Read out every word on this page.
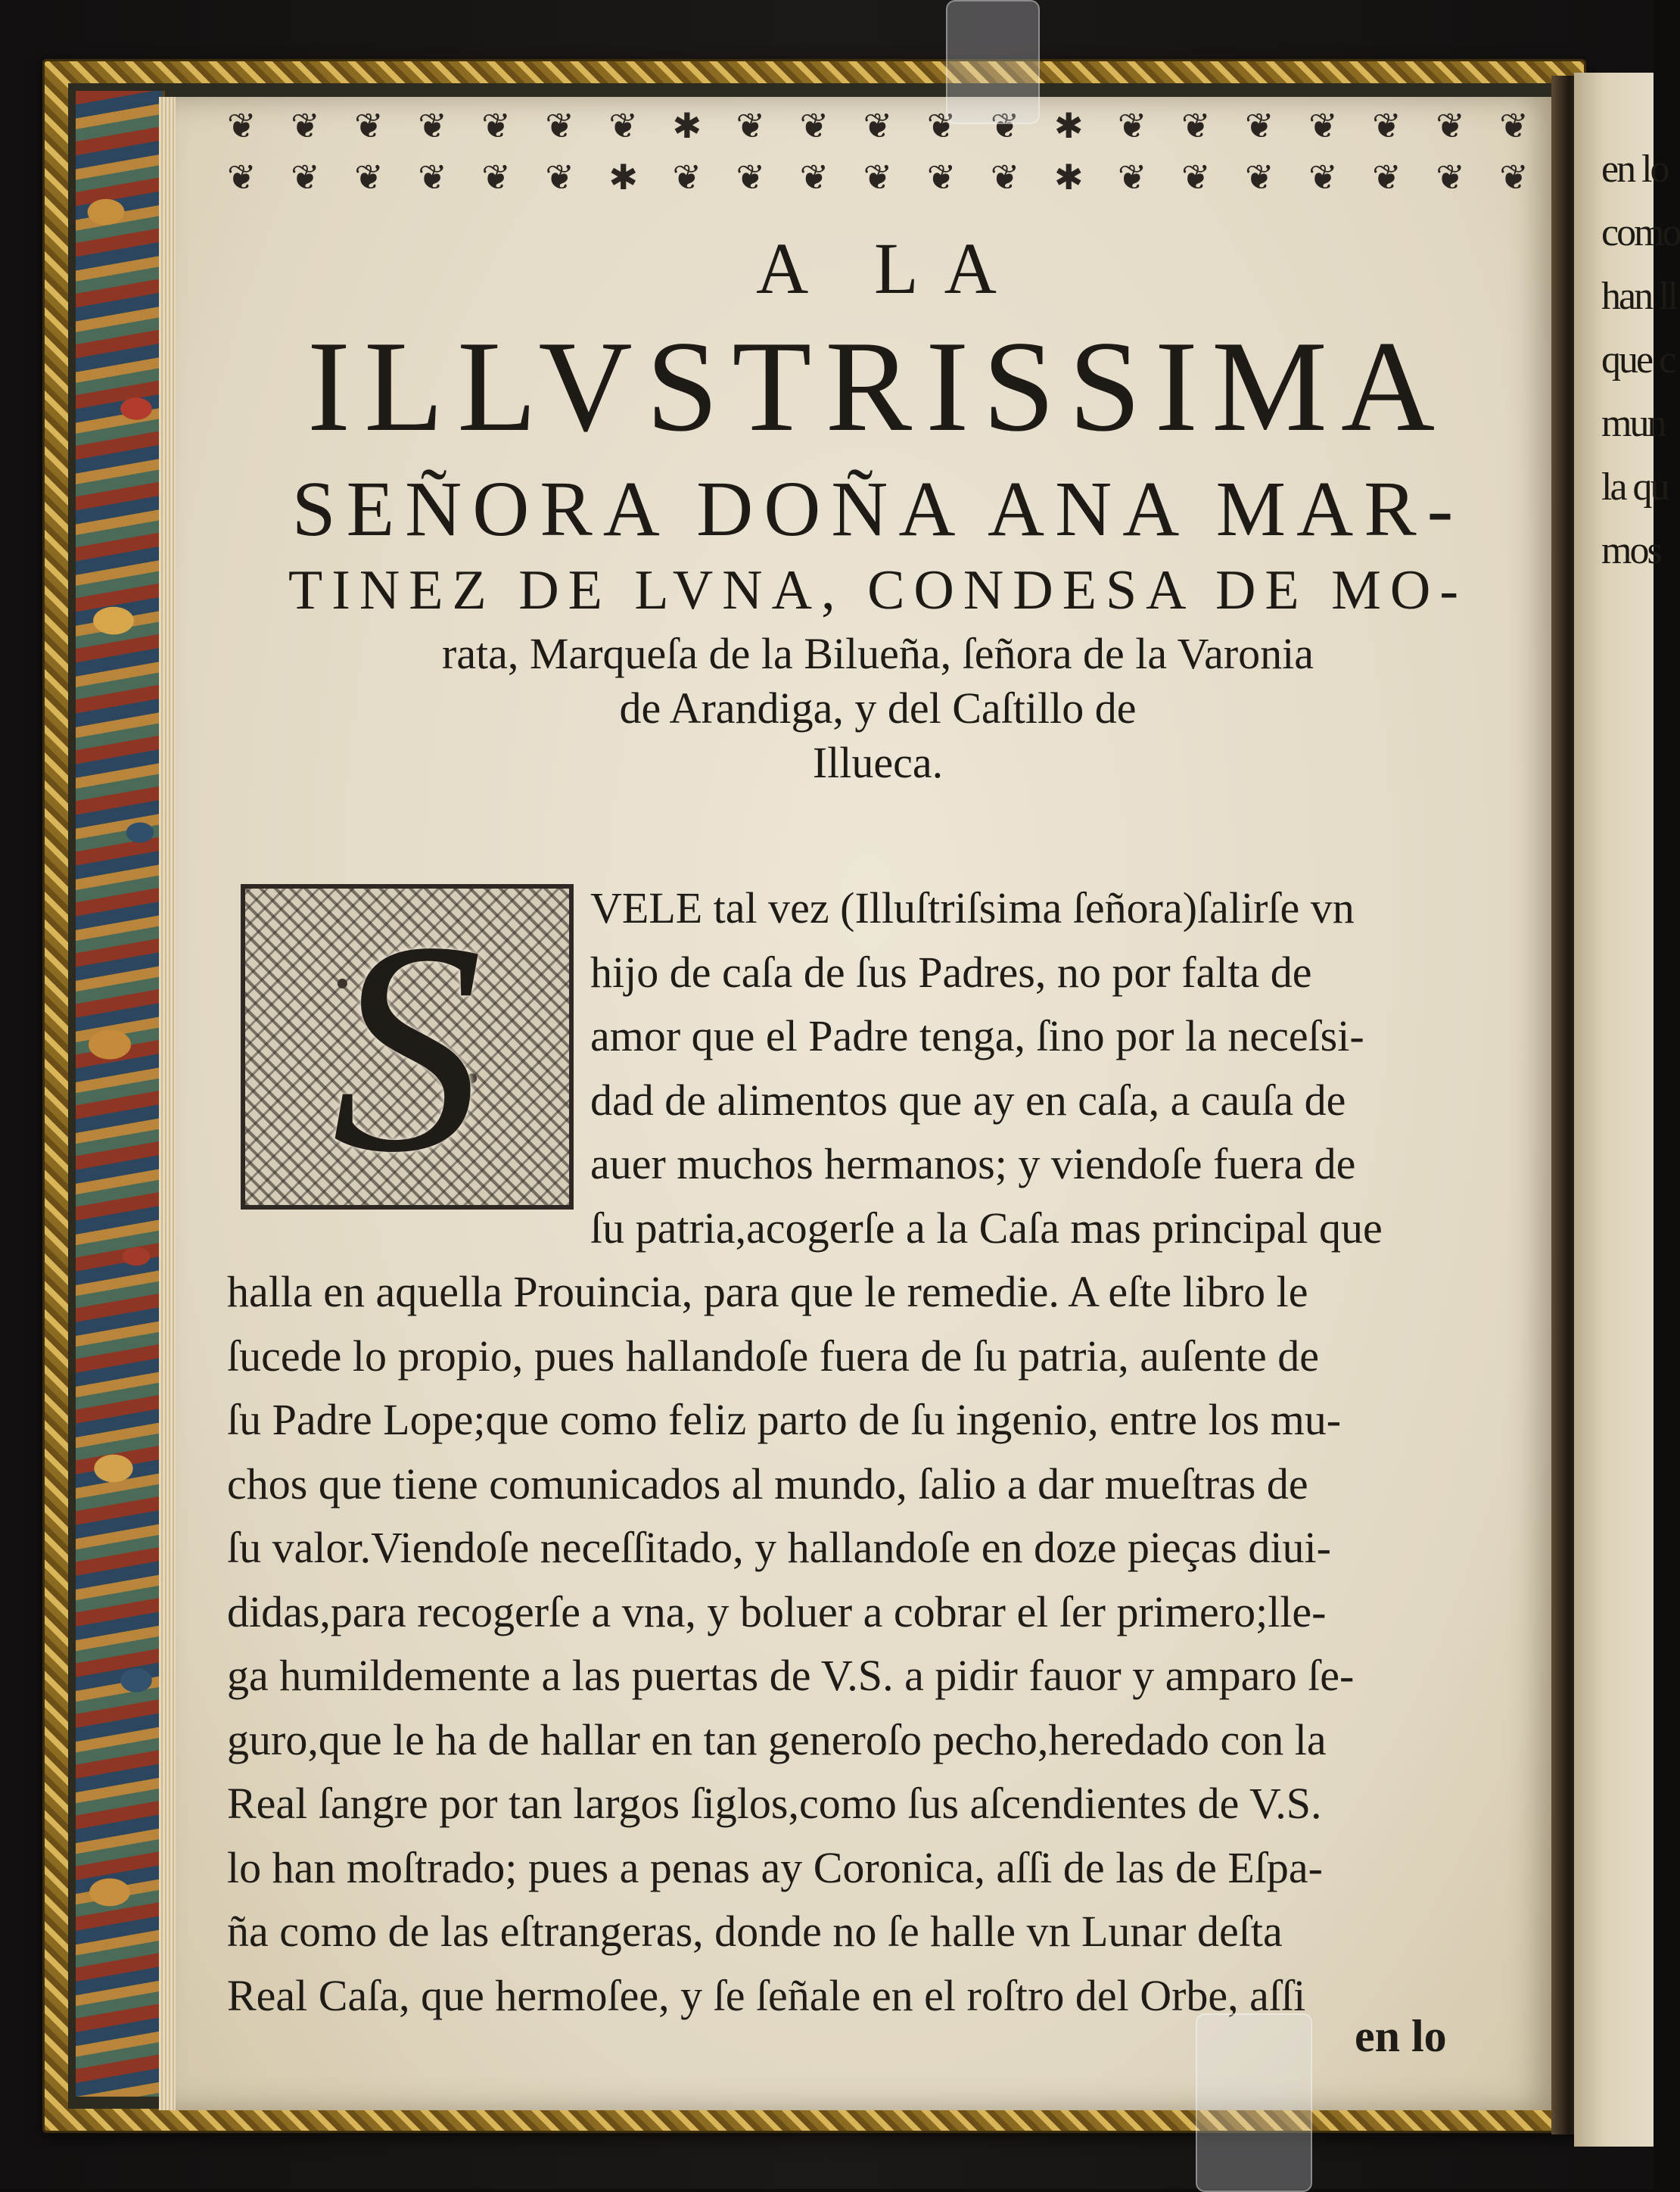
❦ ❦ ❦ ❦ ❦ ❦ ❦ ✱ ❦ ❦ ❦ ❦ ❦ ✱ ❦ ❦ ❦ ❦ ❦ ❦ ❦
❦ ❦ ❦ ❦ ❦ ❦ ✱ ❦ ❦ ❦ ❦ ❦ ❦ ✱ ❦ ❦ ❦ ❦ ❦ ❦ ❦
A LA
ILLVSTRISSIMA
SEÑORA DOÑA ANA MAR-
TINEZ DE LVNA, CONDESA DE MO-
rata, Marqueſa de la Bilueña, ſeñora de la Varonia
de Arandiga, y del Caſtillo de
Illueca.
S	VELE tal vez (Illuſtriſsima ſeñora)ſalirſe vn
hijo de caſa de ſus Padres, no por falta de
amor que el Padre tenga, ſino por la neceſsi-
dad de alimentos que ay en caſa, a cauſa de
auer muchos hermanos; y viendoſe fuera de
ſu patria,acogerſe a la Caſa mas principal que
halla en aquella Prouincia, para que le remedie. A eſte libro le
ſucede lo propio, pues hallandoſe fuera de ſu patria, auſente de
ſu Padre Lope;que como feliz parto de ſu ingenio, entre los mu-
chos que tiene comunicados al mundo, ſalio a dar mueſtras de
ſu valor.Viendoſe neceſſitado, y hallandoſe en doze pieças diui-
didas,para recogerſe a vna, y boluer a cobrar el ſer primero;lle-
ga humildemente a las puertas de V.S. a pidir fauor y amparo ſe-
guro,que le ha de hallar en tan generoſo pecho,heredado con la
Real ſangre por tan largos ſiglos,como ſus aſcendientes de V.S.
lo han moſtrado; pues a penas ay Coronica, aſſi de las de Eſpa-
ña como de las eſtrangeras, donde no ſe halle vn Lunar deſta
Real Caſa, que hermoſee, y ſe ſeñale en el roſtro del Orbe, aſſi
en lo
en lo
como
han ll
que c
mun
la qu
mos
